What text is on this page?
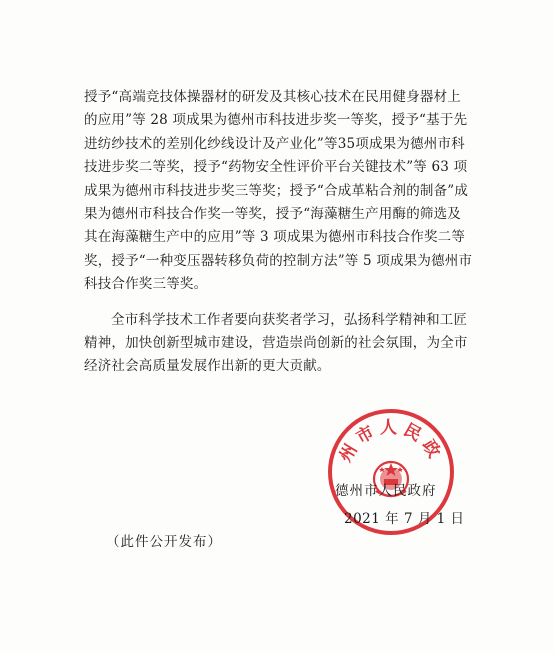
授予“高端竞技体操器材的研发及其核心技术在民用健身器材上
的应用”等 28 项成果为德州市科技进步奖一等奖，授予“基于先
进纺纱技术的差别化纱线设计及产业化”等35项成果为德州市科
技进步奖二等奖，授予“药物安全性评价平台关键技术”等 63 项
成果为德州市科技进步奖三等奖；授予“合成革粘合剂的制备”成
果为德州市科技合作奖一等奖，授予“海藻糖生产用酶的筛选及
其在海藻糖生产中的应用”等 3 项成果为德州市科技合作奖二等
奖，授予“一种变压器转移负荷的控制方法”等 5 项成果为德州市
科技合作奖三等奖。
全市科学技术工作者要向获奖者学习，弘扬科学精神和工匠
精神，加快创新型城市建设，营造崇尚创新的社会氛围，为全市
经济社会高质量发展作出新的更大贡献。
州市人民政
德州市人民政府
2021 年 7 月 1 日
（此件公开发布）
